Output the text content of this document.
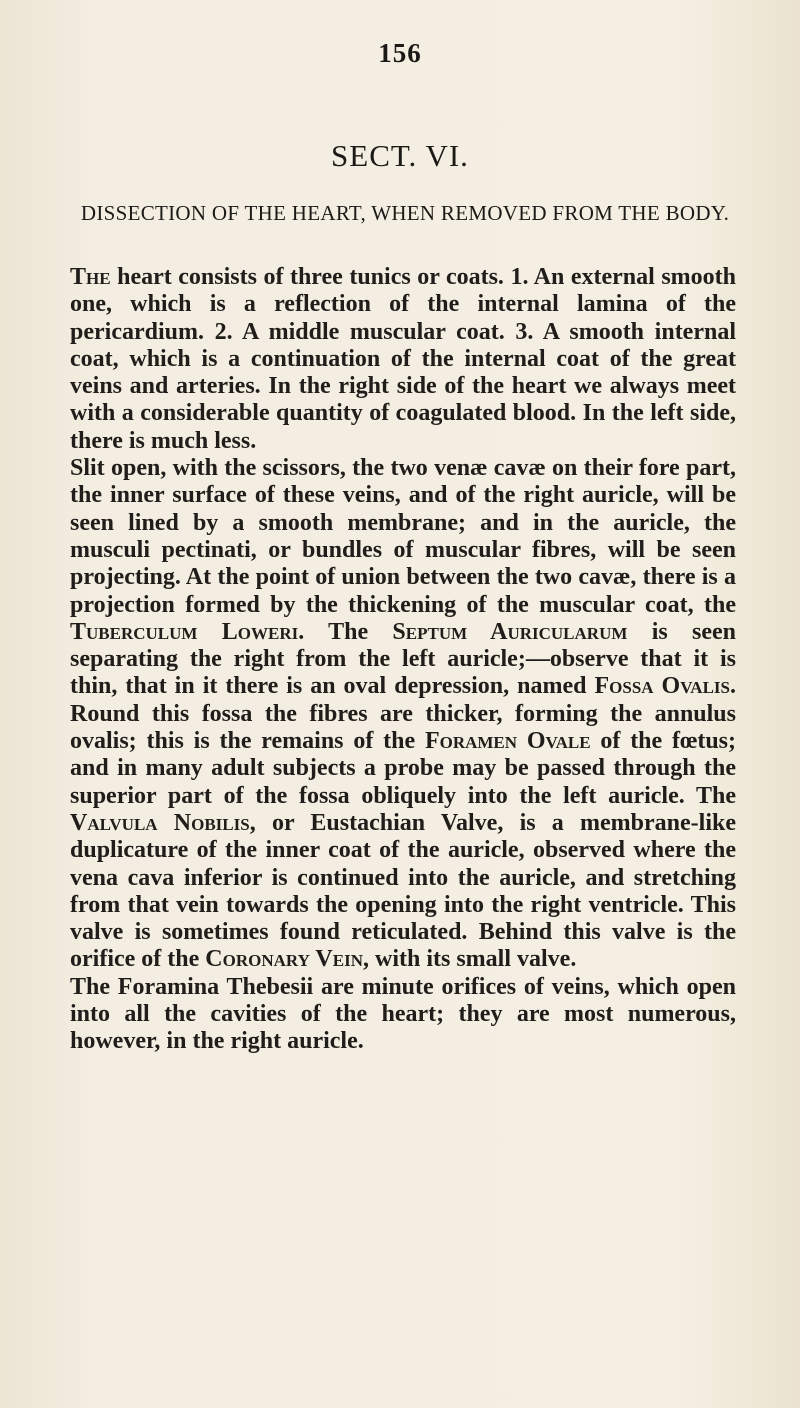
156
SECT. VI.
DISSECTION OF THE HEART, WHEN REMOVED FROM THE BODY.

The heart consists of three tunics or coats. 1. An external smooth one, which is a reflection of the internal lamina of the pericardium. 2. A middle muscular coat. 3. A smooth internal coat, which is a continuation of the internal coat of the great veins and arteries. In the right side of the heart we always meet with a considerable quantity of coagulated blood. In the left side, there is much less.

Slit open, with the scissors, the two venæ cavæ on their fore part, the inner surface of these veins, and of the right auricle, will be seen lined by a smooth membrane; and in the auricle, the musculi pectinati, or bundles of muscular fibres, will be seen projecting. At the point of union between the two cavæ, there is a projection formed by the thickening of the muscular coat, the Tuberculum Loweri. The Septum Auricularum is seen separating the right from the left auricle;—observe that it is thin, that in it there is an oval depression, named Fossa Ovalis. Round this fossa the fibres are thicker, forming the annulus ovalis; this is the remains of the Foramen Ovale of the fœtus; and in many adult subjects a probe may be passed through the superior part of the fossa obliquely into the left auricle. The Valvula Nobilis, or Eustachian Valve, is a membrane-like duplicature of the inner coat of the auricle, observed where the vena cava inferior is continued into the auricle, and stretching from that vein towards the opening into the right ventricle. This valve is sometimes found reticulated. Behind this valve is the orifice of the Coronary Vein, with its small valve.

The Foramina Thebesii are minute orifices of veins, which open into all the cavities of the heart; they are most numerous, however, in the right auricle.
